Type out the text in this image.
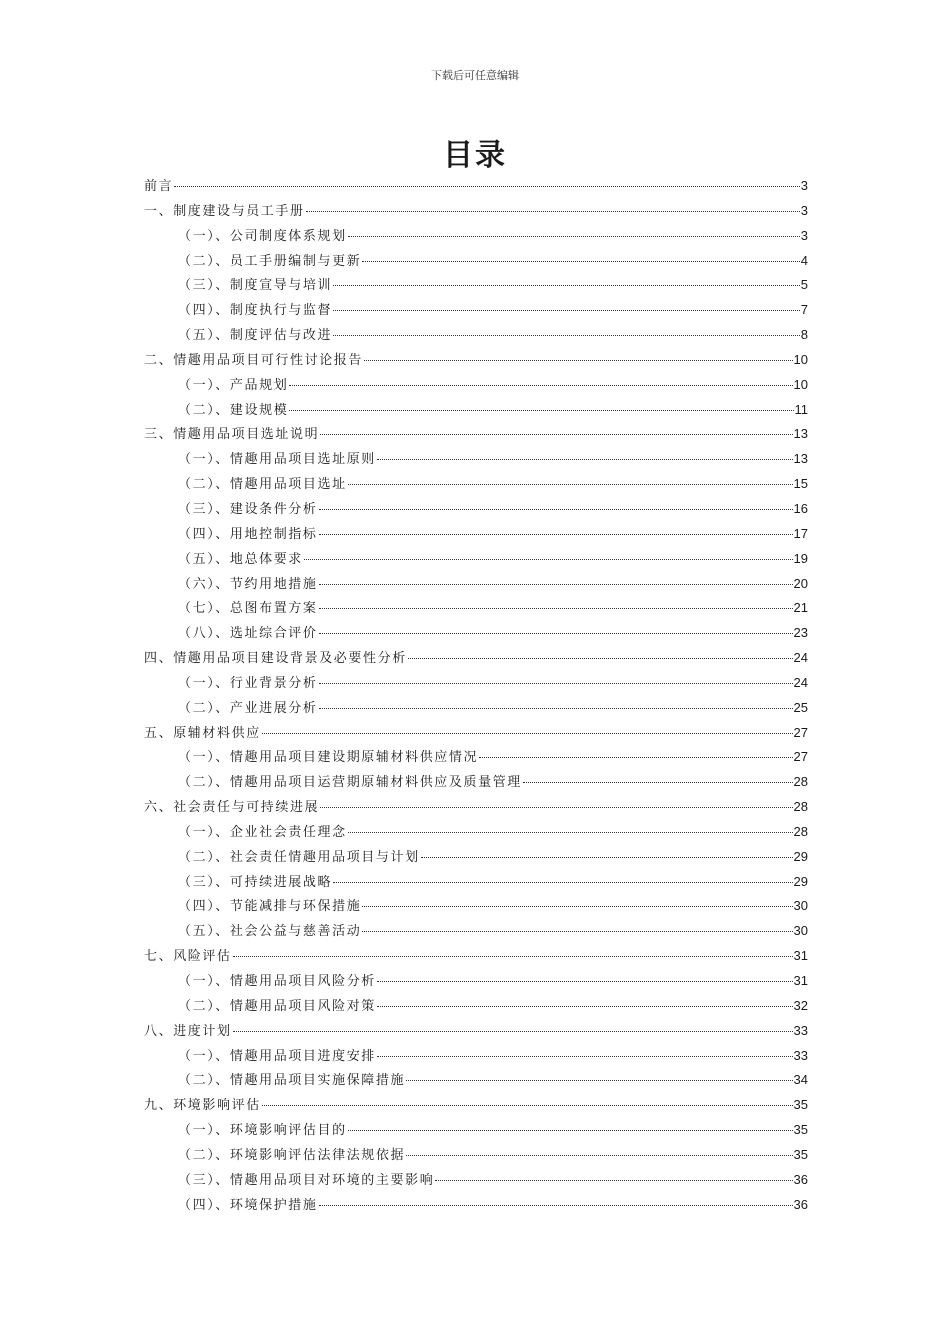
下载后可任意编辑
目录
前言	3
一、制度建设与员工手册	3
（一）、公司制度体系规划	3
（二）、员工手册编制与更新	4
（三）、制度宣导与培训	5
（四）、制度执行与监督	7
（五）、制度评估与改进	8
二、情趣用品项目可行性讨论报告	10
（一）、产品规划	10
（二）、建设规模	11
三、情趣用品项目选址说明	13
（一）、情趣用品项目选址原则	13
（二）、情趣用品项目选址	15
（三）、建设条件分析	16
（四）、用地控制指标	17
（五）、地总体要求	19
（六）、节约用地措施	20
（七）、总图布置方案	21
（八）、选址综合评价	23
四、情趣用品项目建设背景及必要性分析	24
（一）、行业背景分析	24
（二）、产业进展分析	25
五、原辅材料供应	27
（一）、情趣用品项目建设期原辅材料供应情况	27
（二）、情趣用品项目运营期原辅材料供应及质量管理	28
六、社会责任与可持续进展	28
（一）、企业社会责任理念	28
（二）、社会责任情趣用品项目与计划	29
（三）、可持续进展战略	29
（四）、节能减排与环保措施	30
（五）、社会公益与慈善活动	30
七、风险评估	31
（一）、情趣用品项目风险分析	31
（二）、情趣用品项目风险对策	32
八、进度计划	33
（一）、情趣用品项目进度安排	33
（二）、情趣用品项目实施保障措施	34
九、环境影响评估	35
（一）、环境影响评估目的	35
（二）、环境影响评估法律法规依据	35
（三）、情趣用品项目对环境的主要影响	36
（四）、环境保护措施	36
